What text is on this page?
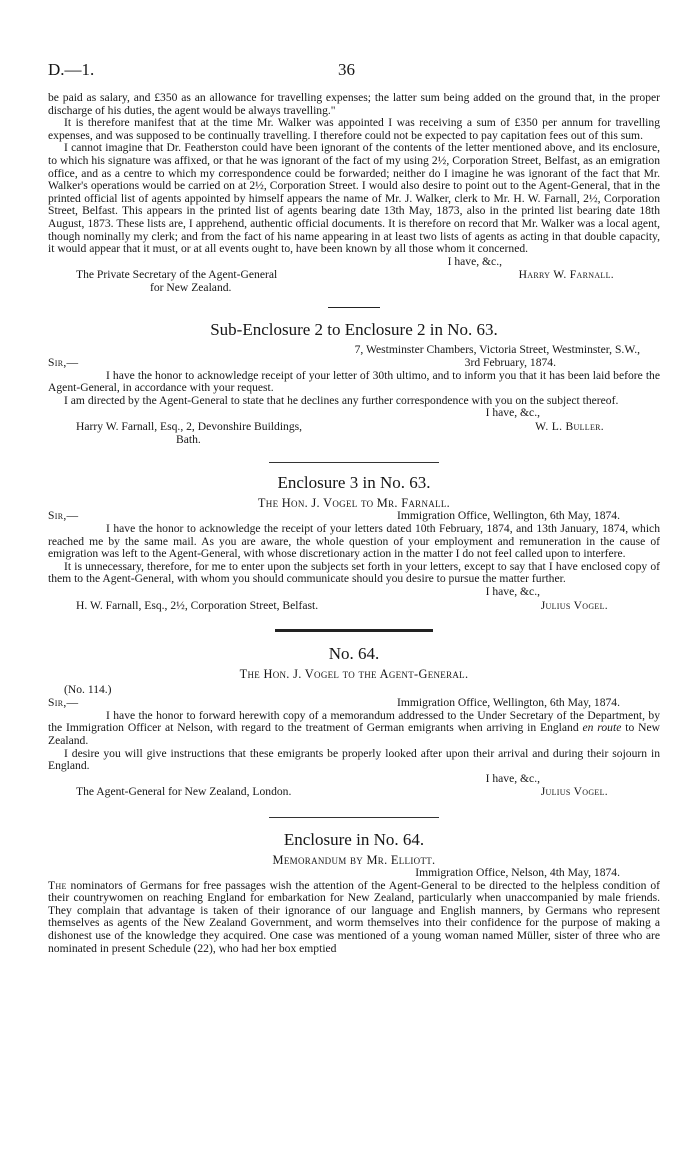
D.—1.	36

be paid as salary, and £350 as an allowance for travelling expenses; the latter sum being added on the ground that, in the proper discharge of his duties, the agent would be always travelling."

It is therefore manifest that at the time Mr. Walker was appointed I was receiving a sum of £350 per annum for travelling expenses, and was supposed to be continually travelling. I therefore could not be expected to pay capitation fees out of this sum.

I cannot imagine that Dr. Featherston could have been ignorant of the contents of the letter mentioned above, and its enclosure, to which his signature was affixed, or that he was ignorant of the fact of my using 2½, Corporation Street, Belfast, as an emigration office, and as a centre to which my correspondence could be forwarded; neither do I imagine he was ignorant of the fact that Mr. Walker's operations would be carried on at 2½, Corporation Street. I would also desire to point out to the Agent-General, that in the printed official list of agents appointed by himself appears the name of Mr. J. Walker, clerk to Mr. H. W. Farnall, 2½, Corporation Street, Belfast. This appears in the printed list of agents bearing date 13th May, 1873, also in the printed list bearing date 18th August, 1873. These lists are, I apprehend, authentic official documents. It is therefore on record that Mr. Walker was a local agent, though nominally my clerk; and from the fact of his name appearing in at least two lists of agents as acting in that double capacity, it would appear that it must, or at all events ought to, have been known by all those whom it concerned.

I have, &c.,

The Private Secretary of the Agent-General	Harry W. Farnall.

for New Zealand.

Sub-Enclosure 2 to Enclosure 2 in No. 63.

7, Westminster Chambers, Victoria Street, Westminster, S.W.,

Sir,—	3rd February, 1874.

I have the honor to acknowledge receipt of your letter of 30th ultimo, and to inform you that it has been laid before the Agent-General, in accordance with your request.

I am directed by the Agent-General to state that he declines any further correspondence with you on the subject thereof.

I have, &c.,

Harry W. Farnall, Esq., 2, Devonshire Buildings,	W. L. Buller.

Bath.

Enclosure 3 in No. 63.
The Hon. J. Vogel to Mr. Farnall.
Sir,—	Immigration Office, Wellington, 6th May, 1874.

I have the honor to acknowledge the receipt of your letters dated 10th February, 1874, and 13th January, 1874, which reached me by the same mail. As you are aware, the whole question of your employment and remuneration in the cause of emigration was left to the Agent-General, with whose discretionary action in the matter I do not feel called upon to interfere.

It is unnecessary, therefore, for me to enter upon the subjects set forth in your letters, except to say that I have enclosed copy of them to the Agent-General, with whom you should communicate should you desire to pursue the matter further.

I have, &c.,

H. W. Farnall, Esq., 2½, Corporation Street, Belfast.	Julius Vogel.
No. 64.
The Hon. J. Vogel to the Agent-General.

(No. 114.)

Sir,—	Immigration Office, Wellington, 6th May, 1874.

I have the honor to forward herewith copy of a memorandum addressed to the Under Secretary of the Department, by the Immigration Officer at Nelson, with regard to the treatment of German emigrants when arriving in England en route to New Zealand.

I desire you will give instructions that these emigrants be properly looked after upon their arrival and during their sojourn in England.

I have, &c.,

The Agent-General for New Zealand, London.	Julius Vogel.
Enclosure in No. 64.
Memorandum by Mr. Elliott.

Immigration Office, Nelson, 4th May, 1874.

The nominators of Germans for free passages wish the attention of the Agent-General to be directed to the helpless condition of their countrywomen on reaching England for embarkation for New Zealand, particularly when unaccompanied by male friends. They complain that advantage is taken of their ignorance of our language and English manners, by Germans who represent themselves as agents of the New Zealand Government, and worm themselves into their confidence for the purpose of making a dishonest use of the knowledge they acquired. One case was mentioned of a young woman named Müller, sister of three who are nominated in present Schedule (22), who had her box emptied
